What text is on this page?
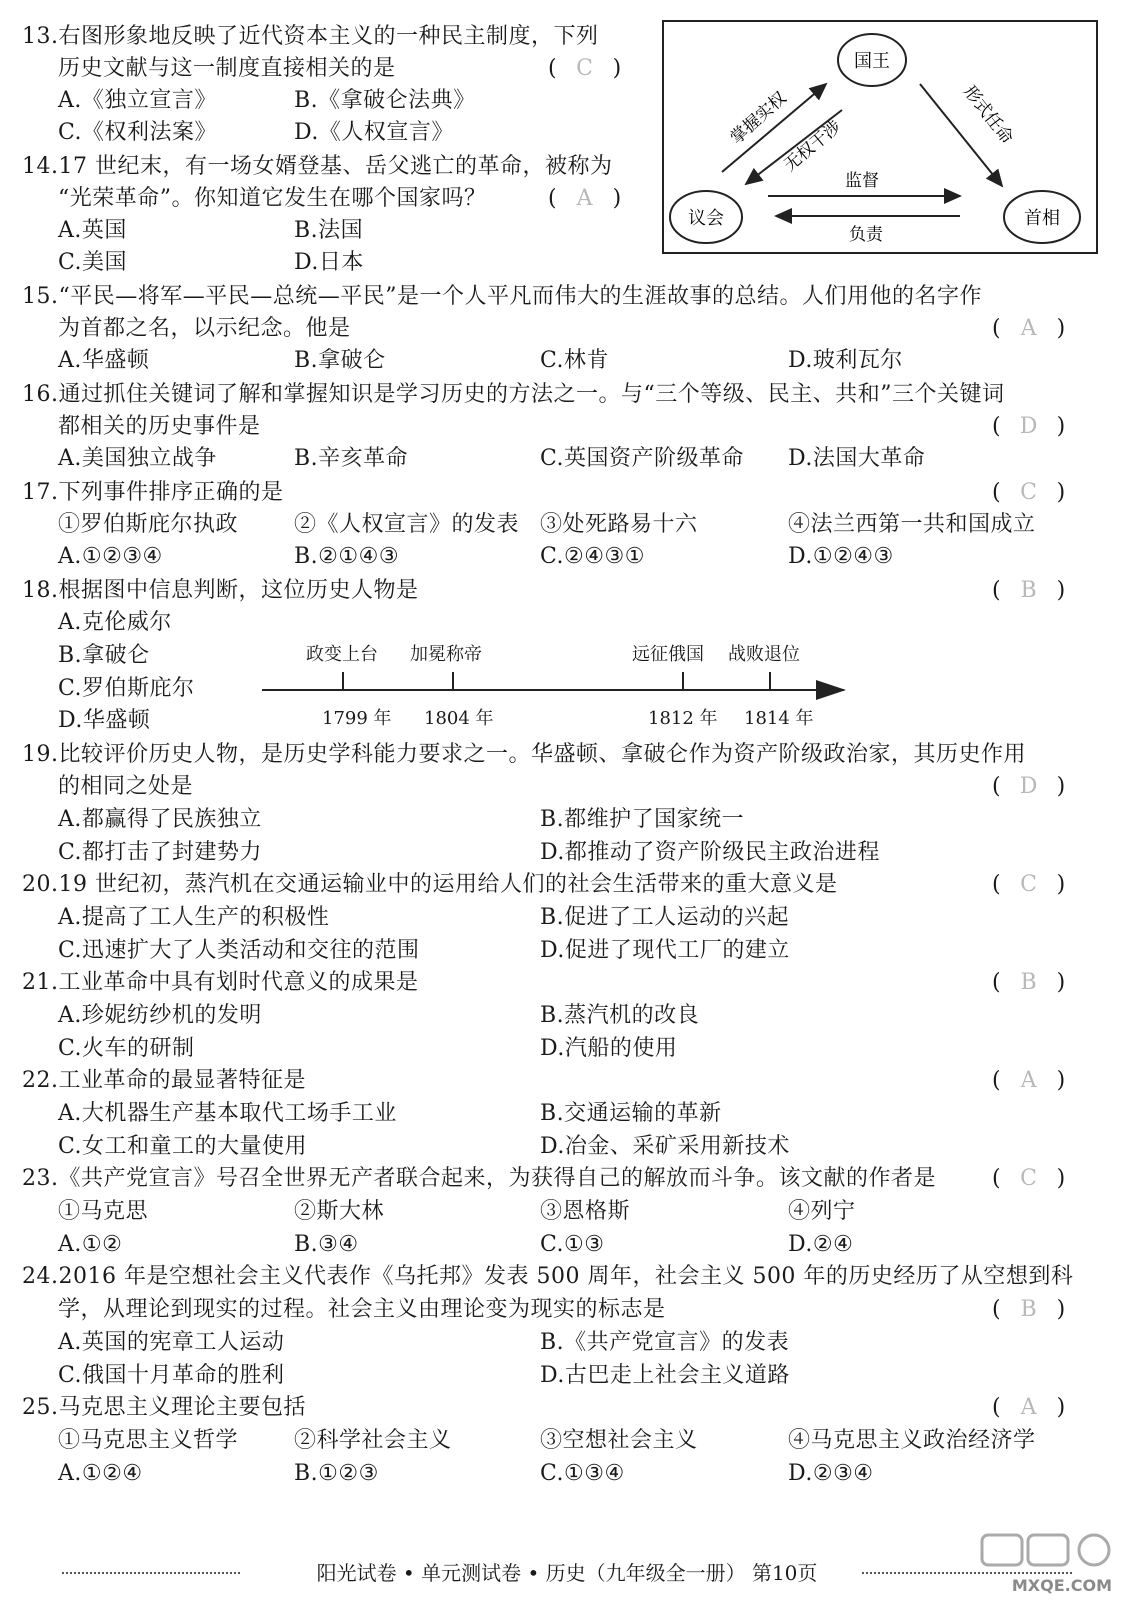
13.右图形象地反映了近代资本主义的一种民主制度，下列
历史文献与这一制度直接相关的是	( C )
A.《独立宣言》	B.《拿破仑法典》
C.《权利法案》	D.《人权宣言》
国王
议会	首相
掌握实权
无权干涉	形式任命
监督
负责
14.17 世纪末，有一场女婿登基、岳父逃亡的革命，被称为
“光荣革命”。你知道它发生在哪个国家吗？	( A )
A.英国	B.法国
C.美国	D.日本
15.“平民—将军—平民—总统—平民”是一个人平凡而伟大的生涯故事的总结。人们用他的名字作
为首都之名，以示纪念。他是	( A )
A.华盛顿	B.拿破仑	C.林肯	D.玻利瓦尔
16.通过抓住关键词了解和掌握知识是学习历史的方法之一。与“三个等级、民主、共和”三个关键词
都相关的历史事件是	( D )
A.美国独立战争	B.辛亥革命	C.英国资产阶级革命 D.法国大革命
17.下列事件排序正确的是	( C )
①罗伯斯庇尔执政	②《人权宣言》的发表 ③处死路易十六	④法兰西第一共和国成立
A.①②③④	B.②①④③	C.②④③①	D.①②④③
18.根据图中信息判断，这位历史人物是	( B )
A.克伦威尔
B.拿破仑
C.罗伯斯庇尔
D.华盛顿
政变上台 加冕称帝	远征俄国 战败退位
1799 年 1804 年	1812 年 1814 年
19.比较评价历史人物，是历史学科能力要求之一。华盛顿、拿破仑作为资产阶级政治家，其历史作用
的相同之处是	( D )
A.都赢得了民族独立	B.都维护了国家统一
C.都打击了封建势力	D.都推动了资产阶级民主政治进程
20.19 世纪初，蒸汽机在交通运输业中的运用给人们的社会生活带来的重大意义是	( C )
A.提高了工人生产的积极性	B.促进了工人运动的兴起
C.迅速扩大了人类活动和交往的范围	D.促进了现代工厂的建立
21.工业革命中具有划时代意义的成果是	( B )
A.珍妮纺纱机的发明	B.蒸汽机的改良
C.火车的研制	D.汽船的使用
22.工业革命的最显著特征是	( A )
A.大机器生产基本取代工场手工业	B.交通运输的革新
C.女工和童工的大量使用	D.冶金、采矿采用新技术
23.《共产党宣言》号召全世界无产者联合起来，为获得自己的解放而斗争。该文献的作者是	( C )
①马克思	②斯大林	③恩格斯	④列宁
A.①②	B.③④	C.①③	D.②④
24.2016 年是空想社会主义代表作《乌托邦》发表 500 周年，社会主义 500 年的历史经历了从空想到科
学，从理论到现实的过程。社会主义由理论变为现实的标志是	( B )
A.英国的宪章工人运动	B.《共产党宣言》的发表
C.俄国十月革命的胜利	D.古巴走上社会主义道路
25.马克思主义理论主要包括	( A )
①马克思主义哲学	②科学社会主义	③空想社会主义	④马克思主义政治经济学
A.①②④	B.①②③	C.①③④	D.②③④
阳光试卷 • 单元测试卷 • 历史（九年级全一册） 第10页
MXQE.COM
